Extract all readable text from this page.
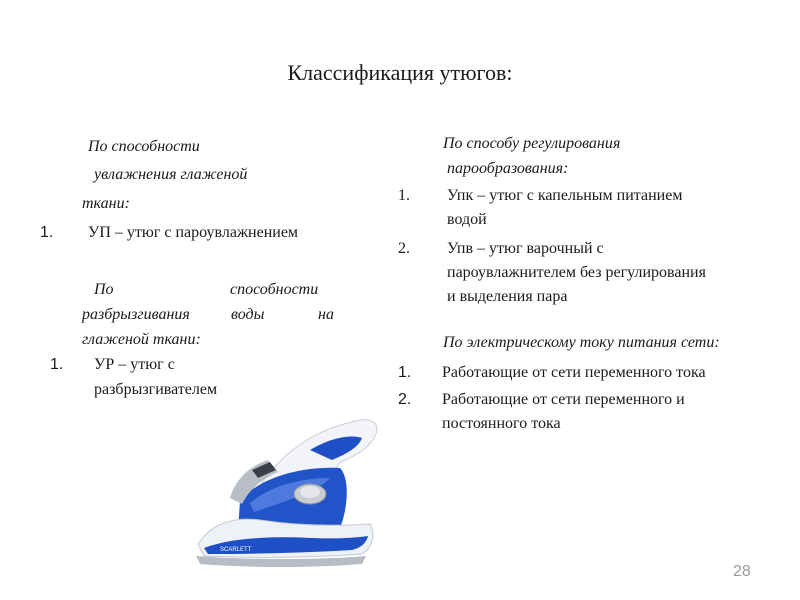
Классификация утюгов:
По способности
увлажнения глаженой
ткани:
1. УП – утюг с пароувлажнением
По	способности
разбрызгивания	воды	на
глаженой ткани:
1. УР – утюг с
разбрызгивателем
По способу регулирования
парообразования:
1. Упк – утюг с капельным питанием
водой
2. Упв – утюг варочный с
пароувлажнителем без регулирования
и выделения пара
По электрическому току питания сети:
1. Работающие от сети переменного тока
2. Работающие от сети переменного и
постоянного тока
SCARLETT
28
